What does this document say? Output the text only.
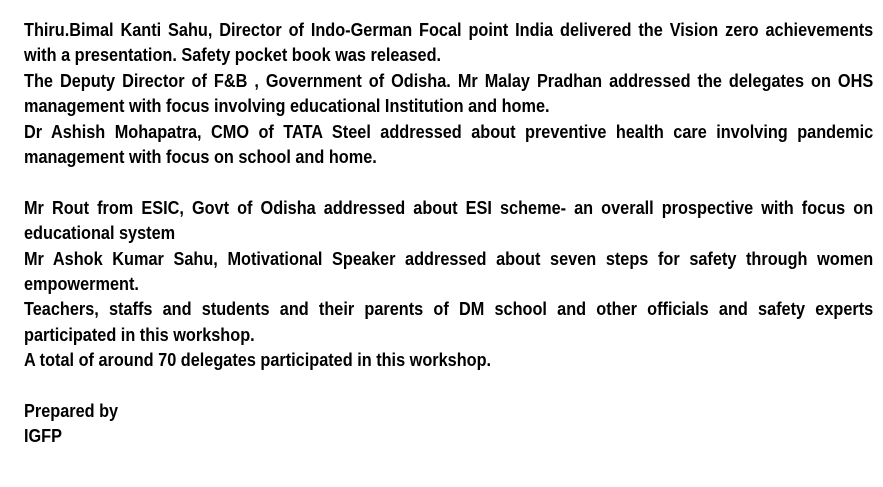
Thiru.Bimal Kanti Sahu, Director of Indo-German Focal point India delivered the Vision zero achievements with a presentation. Safety pocket book was released.

The Deputy Director of F&B , Government of Odisha. Mr Malay Pradhan addressed the delegates on OHS management with focus involving educational Institution and home.

Dr Ashish Mohapatra, CMO of TATA Steel addressed about preventive health care involving pandemic management with focus on school and home.

Mr Rout from ESIC, Govt of Odisha addressed about ESI scheme- an overall prospective with focus on educational system

Mr Ashok Kumar Sahu, Motivational Speaker addressed about seven steps for safety through women empowerment.

Teachers, staffs and students and their parents of DM school and other officials and safety experts participated in this workshop.

A total of around 70 delegates participated in this workshop.

Prepared by

IGFP
